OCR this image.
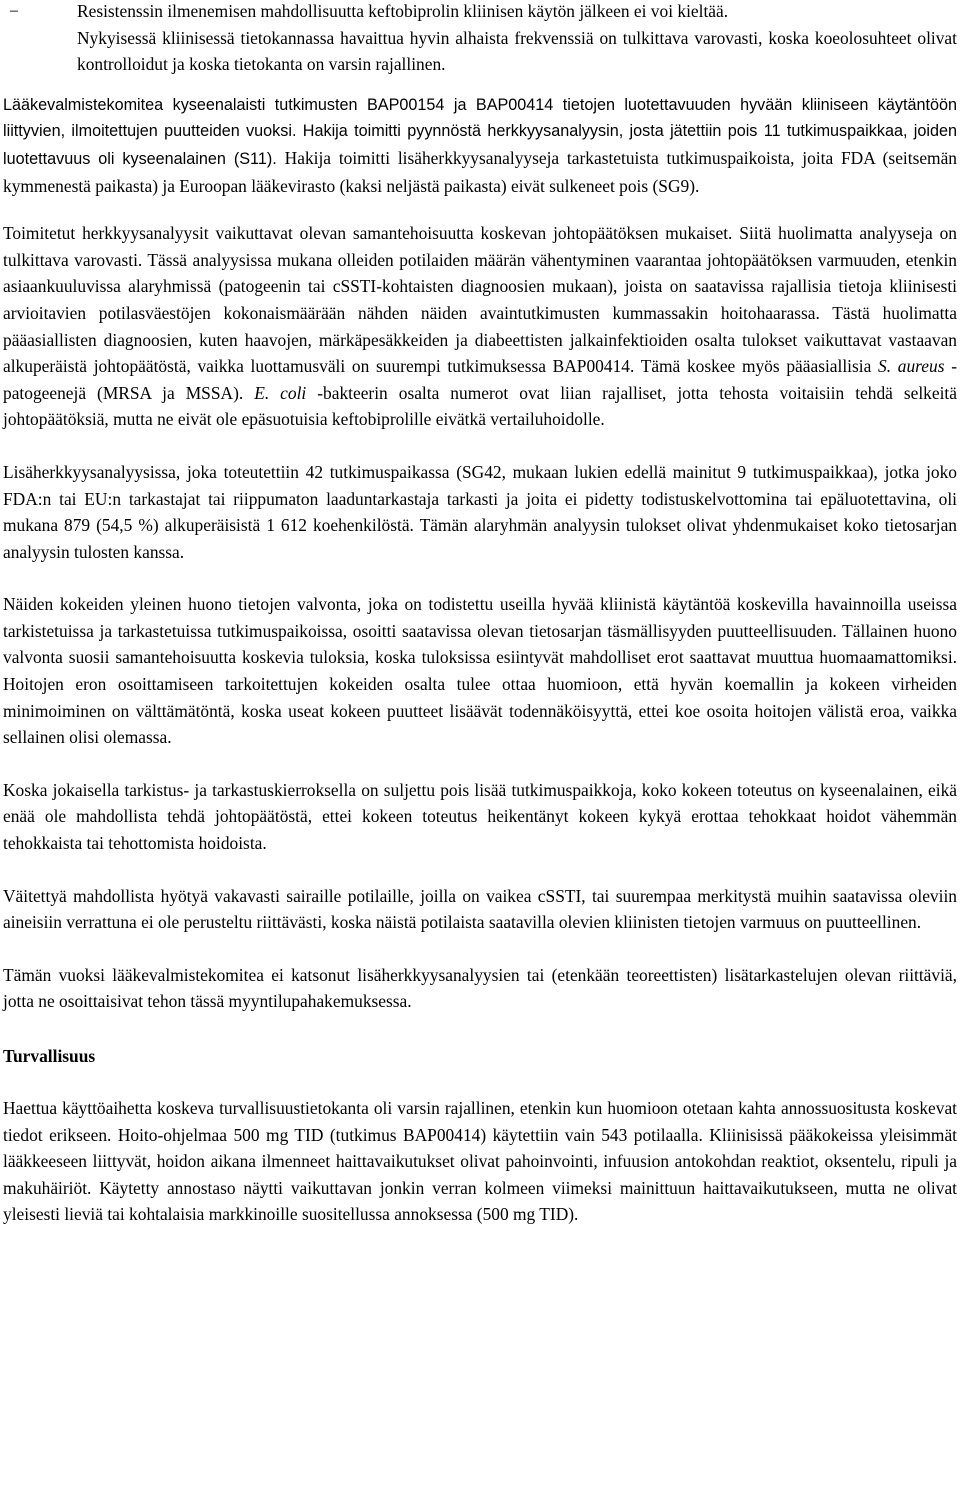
−	Resistenssin ilmenemisen mahdollisuutta keftobiprolin kliinisen käytön jälkeen ei voi kieltää.

Nykyisessä kliinisessä tietokannassa havaittua hyvin alhaista frekvenssiä on tulkittava varovasti, koska koeolosuhteet olivat kontrolloidut ja koska tietokanta on varsin rajallinen.

Lääkevalmistekomitea kyseenalaisti tutkimusten BAP00154 ja BAP00414 tietojen luotettavuuden hyvään kliiniseen käytäntöön liittyvien, ilmoitettujen puutteiden vuoksi. Hakija toimitti pyynnöstä herkkyysanalyysin, josta jätettiin pois 11 tutkimuspaikkaa, joiden luotettavuus oli kyseenalainen (S11). Hakija toimitti lisäherkkyysanalyyseja tarkastetuista tutkimuspaikoista, joita FDA (seitsemän kymmenestä paikasta) ja Euroopan lääkevirasto (kaksi neljästä paikasta) eivät sulkeneet pois (SG9).

Toimitetut herkkyysanalyysit vaikuttavat olevan samantehoisuutta koskevan johtopäätöksen mukaiset. Siitä huolimatta analyyseja on tulkittava varovasti. Tässä analyysissa mukana olleiden potilaiden määrän vähentyminen vaarantaa johtopäätöksen varmuuden, etenkin asiaankuuluvissa alaryhmissä (patogeenin tai cSSTI-kohtaisten diagnoosien mukaan), joista on saatavissa rajallisia tietoja kliinisesti arvioitavien potilasväestöjen kokonaismäärään nähden näiden avaintutkimusten kummassakin hoitohaarassa. Tästä huolimatta pääasiallisten diagnoosien, kuten haavojen, märkäpesäkkeiden ja diabeettisten jalkainfektioiden osalta tulokset vaikuttavat vastaavan alkuperäistä johtopäätöstä, vaikka luottamusväli on suurempi tutkimuksessa BAP00414. Tämä koskee myös pääasiallisia S. aureus - patogeenejä (MRSA ja MSSA). E. coli -bakteerin osalta numerot ovat liian rajalliset, jotta tehosta voitaisiin tehdä selkeitä johtopäätöksiä, mutta ne eivät ole epäsuotuisia keftobiprolille eivätkä vertailuhoidolle.

Lisäherkkyysanalyysissa, joka toteutettiin 42 tutkimuspaikassa (SG42, mukaan lukien edellä mainitut 9 tutkimuspaikkaa), jotka joko FDA:n tai EU:n tarkastajat tai riippumaton laaduntarkastaja tarkasti ja joita ei pidetty todistuskelvottomina tai epäluotettavina, oli mukana 879 (54,5 %) alkuperäisistä 1 612 koehenkilöstä. Tämän alaryhmän analyysin tulokset olivat yhdenmukaiset koko tietosarjan analyysin tulosten kanssa.

Näiden kokeiden yleinen huono tietojen valvonta, joka on todistettu useilla hyvää kliinistä käytäntöä koskevilla havainnoilla useissa tarkistetuissa ja tarkastetuissa tutkimuspaikoissa, osoitti saatavissa olevan tietosarjan täsmällisyyden puutteellisuuden. Tällainen huono valvonta suosii samantehoisuutta koskevia tuloksia, koska tuloksissa esiintyvät mahdolliset erot saattavat muuttua huomaamattomiksi. Hoitojen eron osoittamiseen tarkoitettujen kokeiden osalta tulee ottaa huomioon, että hyvän koemallin ja kokeen virheiden minimoiminen on välttämätöntä, koska useat kokeen puutteet lisäävät todennäköisyyttä, ettei koe osoita hoitojen välistä eroa, vaikka sellainen olisi olemassa.

Koska jokaisella tarkistus- ja tarkastuskierroksella on suljettu pois lisää tutkimuspaikkoja, koko kokeen toteutus on kyseenalainen, eikä enää ole mahdollista tehdä johtopäätöstä, ettei kokeen toteutus heikentänyt kokeen kykyä erottaa tehokkaat hoidot vähemmän tehokkaista tai tehottomista hoidoista.

Väitettyä mahdollista hyötyä vakavasti sairaille potilaille, joilla on vaikea cSSTI, tai suurempaa merkitystä muihin saatavissa oleviin aineisiin verrattuna ei ole perusteltu riittävästi, koska näistä potilaista saatavilla olevien kliinisten tietojen varmuus on puutteellinen.

Tämän vuoksi lääkevalmistekomitea ei katsonut lisäherkkyysanalyysien tai (etenkään teoreettisten) lisätarkastelujen olevan riittäviä, jotta ne osoittaisivat tehon tässä myyntilupahakemuksessa.

Turvallisuus

Haettua käyttöaihetta koskeva turvallisuustietokanta oli varsin rajallinen, etenkin kun huomioon otetaan kahta annossuositusta koskevat tiedot erikseen. Hoito-ohjelmaa 500 mg TID (tutkimus BAP00414) käytettiin vain 543 potilaalla. Kliinisissä pääkokeissa yleisimmät lääkkeeseen liittyvät, hoidon aikana ilmenneet haittavaikutukset olivat pahoinvointi, infuusion antokohdan reaktiot, oksentelu, ripuli ja makuhäiriöt. Käytetty annostaso näytti vaikuttavan jonkin verran kolmeen viimeksi mainittuun haittavaikutukseen, mutta ne olivat yleisesti lieviä tai kohtalaisia markkinoille suositellussa annoksessa (500 mg TID).
